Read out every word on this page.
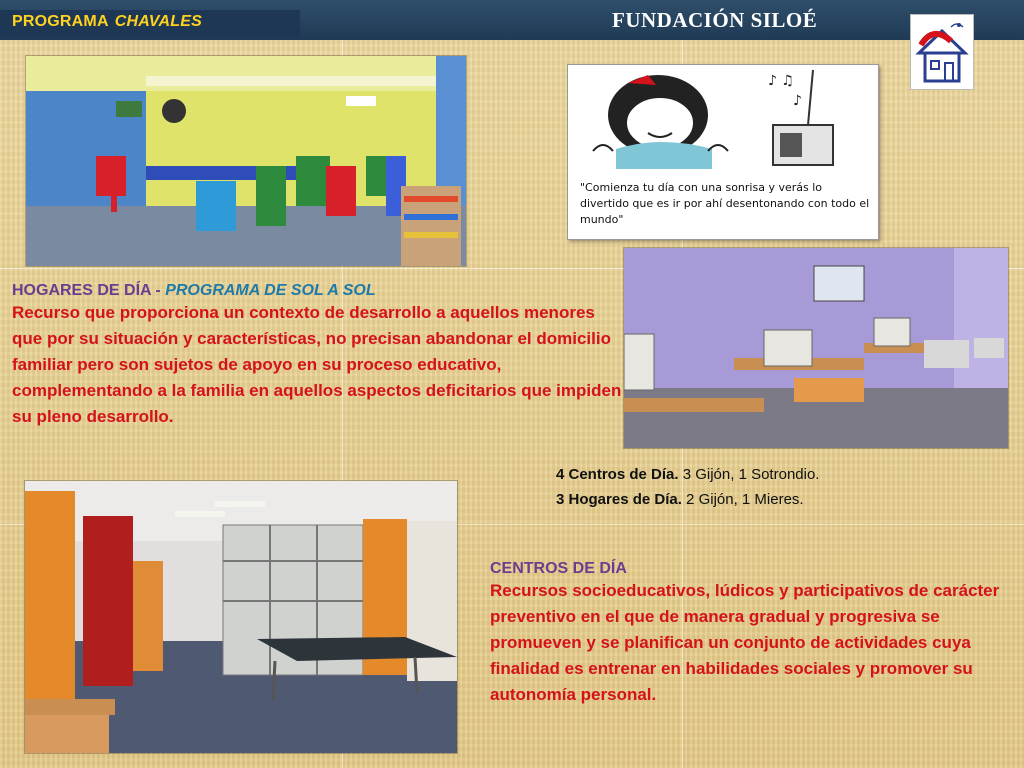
PROGRAMA CHAVALES	FUNDACIÓN SILOÉ
♪ ♫
♪
"Comienza tu día con una sonrisa y verás lo divertido que es ir por ahí desentonando con todo el mundo"
HOGARES DE DÍA - PROGRAMA DE SOL A SOL
Recurso que proporciona un contexto de desarrollo a aquellos menores que por su situación y características, no precisan abandonar el domicilio familiar pero son sujetos de apoyo en su proceso educativo, complementando a la familia en aquellos aspectos deficitarios que impiden su pleno desarrollo.
4 Centros de Día. 3 Gijón, 1 Sotrondio.
3 Hogares de Día. 2 Gijón, 1 Mieres.
CENTROS DE DÍA
Recursos socioeducativos, lúdicos y participativos de carácter preventivo en el que de manera gradual y progresiva se promueven y se planifican un conjunto de actividades cuya finalidad es entrenar en habilidades sociales y promover su autonomía personal.
